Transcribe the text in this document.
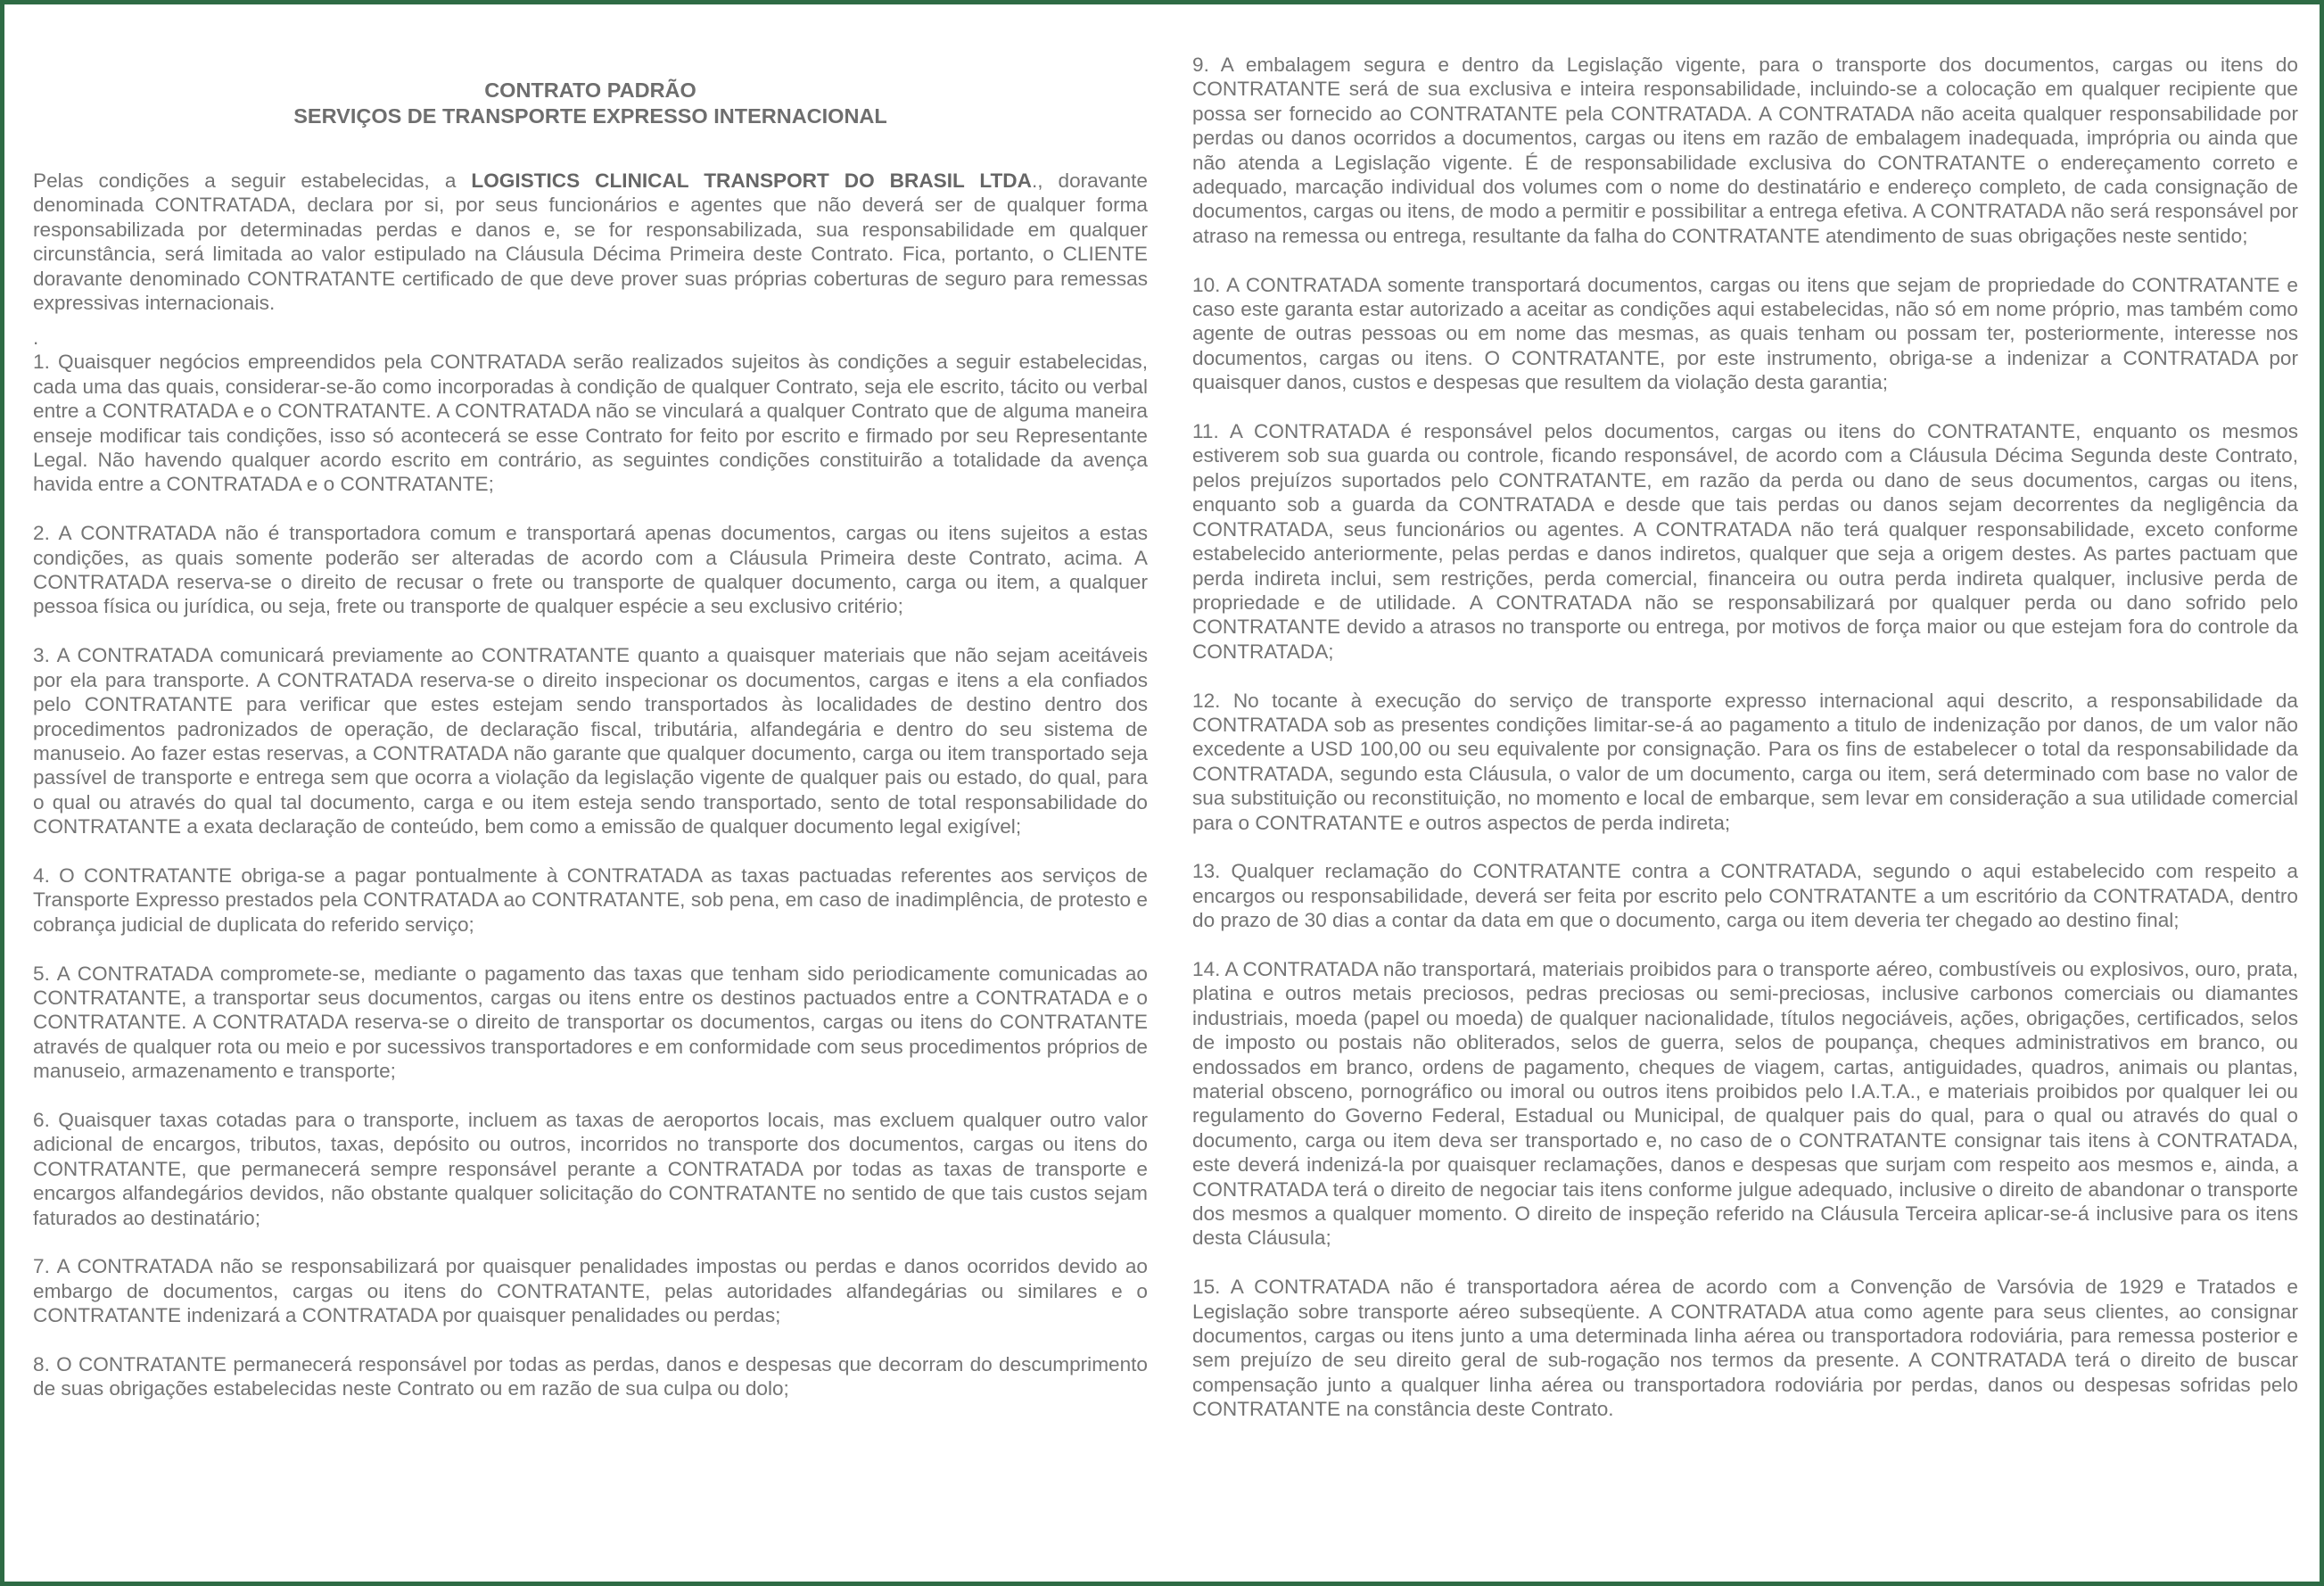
CONTRATO PADRÃO
SERVIÇOS DE TRANSPORTE EXPRESSO INTERNACIONAL

Pelas condições a seguir estabelecidas, a LOGISTICS CLINICAL TRANSPORT DO BRASIL LTDA., doravante denominada CONTRATADA, declara por si, por seus funcionários e agentes que não deverá ser de qualquer forma responsabilizada por determinadas perdas e danos e, se for responsabilizada, sua responsabilidade em qualquer circunstância, será limitada ao valor estipulado na Cláusula Décima Primeira deste Contrato. Fica, portanto, o CLIENTE doravante denominado CONTRATANTE certificado de que deve prover suas próprias coberturas de seguro para remessas expressivas internacionais.

.

1. Quaisquer negócios empreendidos pela CONTRATADA serão realizados sujeitos às condições a seguir estabelecidas, cada uma das quais, considerar-se-ão como incorporadas à condição de qualquer Contrato, seja ele escrito, tácito ou verbal entre a CONTRATADA e o CONTRATANTE. A CONTRATADA não se vinculará a qualquer Contrato que de alguma maneira enseje modificar tais condições, isso só acontecerá se esse Contrato for feito por escrito e firmado por seu Representante Legal. Não havendo qualquer acordo escrito em contrário, as seguintes condições constituirão a totalidade da avença havida entre a CONTRATADA e o CONTRATANTE;

2. A CONTRATADA não é transportadora comum e transportará apenas documentos, cargas ou itens sujeitos a estas condições, as quais somente poderão ser alteradas de acordo com a Cláusula Primeira deste Contrato, acima. A CONTRATADA reserva-se o direito de recusar o frete ou transporte de qualquer documento, carga ou item, a qualquer pessoa física ou jurídica, ou seja, frete ou transporte de qualquer espécie a seu exclusivo critério;

3. A CONTRATADA comunicará previamente ao CONTRATANTE quanto a quaisquer materiais que não sejam aceitáveis por ela para transporte. A CONTRATADA reserva-se o direito inspecionar os documentos, cargas e itens a ela confiados pelo CONTRATANTE para verificar que estes estejam sendo transportados às localidades de destino dentro dos procedimentos padronizados de operação, de declaração fiscal, tributária, alfandegária e dentro do seu sistema de manuseio. Ao fazer estas reservas, a CONTRATADA não garante que qualquer documento, carga ou item transportado seja passível de transporte e entrega sem que ocorra a violação da legislação vigente de qualquer pais ou estado, do qual, para o qual ou através do qual tal documento, carga e ou item esteja sendo transportado, sento de total responsabilidade do CONTRATANTE a exata declaração de conteúdo, bem como a emissão de qualquer documento legal exigível;

4. O CONTRATANTE obriga-se a pagar pontualmente à CONTRATADA as taxas pactuadas referentes aos serviços de Transporte Expresso prestados pela CONTRATADA ao CONTRATANTE, sob pena, em caso de inadimplência, de protesto e cobrança judicial de duplicata do referido serviço;

5. A CONTRATADA compromete-se, mediante o pagamento das taxas que tenham sido periodicamente comunicadas ao CONTRATANTE, a transportar seus documentos, cargas ou itens entre os destinos pactuados entre a CONTRATADA e o CONTRATANTE. A CONTRATADA reserva-se o direito de transportar os documentos, cargas ou itens do CONTRATANTE através de qualquer rota ou meio e por sucessivos transportadores e em conformidade com seus procedimentos próprios de manuseio, armazenamento e transporte;

6. Quaisquer taxas cotadas para o transporte, incluem as taxas de aeroportos locais, mas excluem qualquer outro valor adicional de encargos, tributos, taxas, depósito ou outros, incorridos no transporte dos documentos, cargas ou itens do CONTRATANTE, que permanecerá sempre responsável perante a CONTRATADA por todas as taxas de transporte e encargos alfandegários devidos, não obstante qualquer solicitação do CONTRATANTE no sentido de que tais custos sejam faturados ao destinatário;

7. A CONTRATADA não se responsabilizará por quaisquer penalidades impostas ou perdas e danos ocorridos devido ao embargo de documentos, cargas ou itens do CONTRATANTE, pelas autoridades alfandegárias ou similares e o CONTRATANTE indenizará a CONTRATADA por quaisquer penalidades ou perdas;

8. O CONTRATANTE permanecerá responsável por todas as perdas, danos e despesas que decorram do descumprimento de suas obrigações estabelecidas neste Contrato ou em razão de sua culpa ou dolo;

9. A embalagem segura e dentro da Legislação vigente, para o transporte dos documentos, cargas ou itens do CONTRATANTE será de sua exclusiva e inteira responsabilidade, incluindo-se a colocação em qualquer recipiente que possa ser fornecido ao CONTRATANTE pela CONTRATADA. A CONTRATADA não aceita qualquer responsabilidade por perdas ou danos ocorridos a documentos, cargas ou itens em razão de embalagem inadequada, imprópria ou ainda que não atenda a Legislação vigente. É de responsabilidade exclusiva do CONTRATANTE o endereçamento correto e adequado, marcação individual dos volumes com o nome do destinatário e endereço completo, de cada consignação de documentos, cargas ou itens, de modo a permitir e possibilitar a entrega efetiva. A CONTRATADA não será responsável por atraso na remessa ou entrega, resultante da falha do CONTRATANTE atendimento de suas obrigações neste sentido;

10. A CONTRATADA somente transportará documentos, cargas ou itens que sejam de propriedade do CONTRATANTE e caso este garanta estar autorizado a aceitar as condições aqui estabelecidas, não só em nome próprio, mas também como agente de outras pessoas ou em nome das mesmas, as quais tenham ou possam ter, posteriormente, interesse nos documentos, cargas ou itens. O CONTRATANTE, por este instrumento, obriga-se a indenizar a CONTRATADA por quaisquer danos, custos e despesas que resultem da violação desta garantia;

11. A CONTRATADA é responsável pelos documentos, cargas ou itens do CONTRATANTE, enquanto os mesmos estiverem sob sua guarda ou controle, ficando responsável, de acordo com a Cláusula Décima Segunda deste Contrato, pelos prejuízos suportados pelo CONTRATANTE, em razão da perda ou dano de seus documentos, cargas ou itens, enquanto sob a guarda da CONTRATADA e desde que tais perdas ou danos sejam decorrentes da negligência da CONTRATADA, seus funcionários ou agentes. A CONTRATADA não terá qualquer responsabilidade, exceto conforme estabelecido anteriormente, pelas perdas e danos indiretos, qualquer que seja a origem destes. As partes pactuam que perda indireta inclui, sem restrições, perda comercial, financeira ou outra perda indireta qualquer, inclusive perda de propriedade e de utilidade. A CONTRATADA não se responsabilizará por qualquer perda ou dano sofrido pelo CONTRATANTE devido a atrasos no transporte ou entrega, por motivos de força maior ou que estejam fora do controle da CONTRATADA;

12. No tocante à execução do serviço de transporte expresso internacional aqui descrito, a responsabilidade da CONTRATADA sob as presentes condições limitar-se-á ao pagamento a titulo de indenização por danos, de um valor não excedente a USD 100,00 ou seu equivalente por consignação. Para os fins de estabelecer o total da responsabilidade da CONTRATADA, segundo esta Cláusula, o valor de um documento, carga ou item, será determinado com base no valor de sua substituição ou reconstituição, no momento e local de embarque, sem levar em consideração a sua utilidade comercial para o CONTRATANTE e outros aspectos de perda indireta;

13. Qualquer reclamação do CONTRATANTE contra a CONTRATADA, segundo o aqui estabelecido com respeito a encargos ou responsabilidade, deverá ser feita por escrito pelo CONTRATANTE a um escritório da CONTRATADA, dentro do prazo de 30 dias a contar da data em que o documento, carga ou item deveria ter chegado ao destino final;

14. A CONTRATADA não transportará, materiais proibidos para o transporte aéreo, combustíveis ou explosivos, ouro, prata, platina e outros metais preciosos, pedras preciosas ou semi-preciosas, inclusive carbonos comerciais ou diamantes industriais, moeda (papel ou moeda) de qualquer nacionalidade, títulos negociáveis, ações, obrigações, certificados, selos de imposto ou postais não obliterados, selos de guerra, selos de poupança, cheques administrativos em branco, ou endossados em branco, ordens de pagamento, cheques de viagem, cartas, antiguidades, quadros, animais ou plantas, material obsceno, pornográfico ou imoral ou outros itens proibidos pelo I.A.T.A., e materiais proibidos por qualquer lei ou regulamento do Governo Federal, Estadual ou Municipal, de qualquer pais do qual, para o qual ou através do qual o documento, carga ou item deva ser transportado e, no caso de o CONTRATANTE consignar tais itens à CONTRATADA, este deverá indenizá-la por quaisquer reclamações, danos e despesas que surjam com respeito aos mesmos e, ainda, a CONTRATADA terá o direito de negociar tais itens conforme julgue adequado, inclusive o direito de abandonar o transporte dos mesmos a qualquer momento. O direito de inspeção referido na Cláusula Terceira aplicar-se-á inclusive para os itens desta Cláusula;

15. A CONTRATADA não é transportadora aérea de acordo com a Convenção de Varsóvia de 1929 e Tratados e Legislação sobre transporte aéreo subseqüente. A CONTRATADA atua como agente para seus clientes, ao consignar documentos, cargas ou itens junto a uma determinada linha aérea ou transportadora rodoviária, para remessa posterior e sem prejuízo de seu direito geral de sub-rogação nos termos da presente. A CONTRATADA terá o direito de buscar compensação junto a qualquer linha aérea ou transportadora rodoviária por perdas, danos ou despesas sofridas pelo CONTRATANTE na constância deste Contrato.
